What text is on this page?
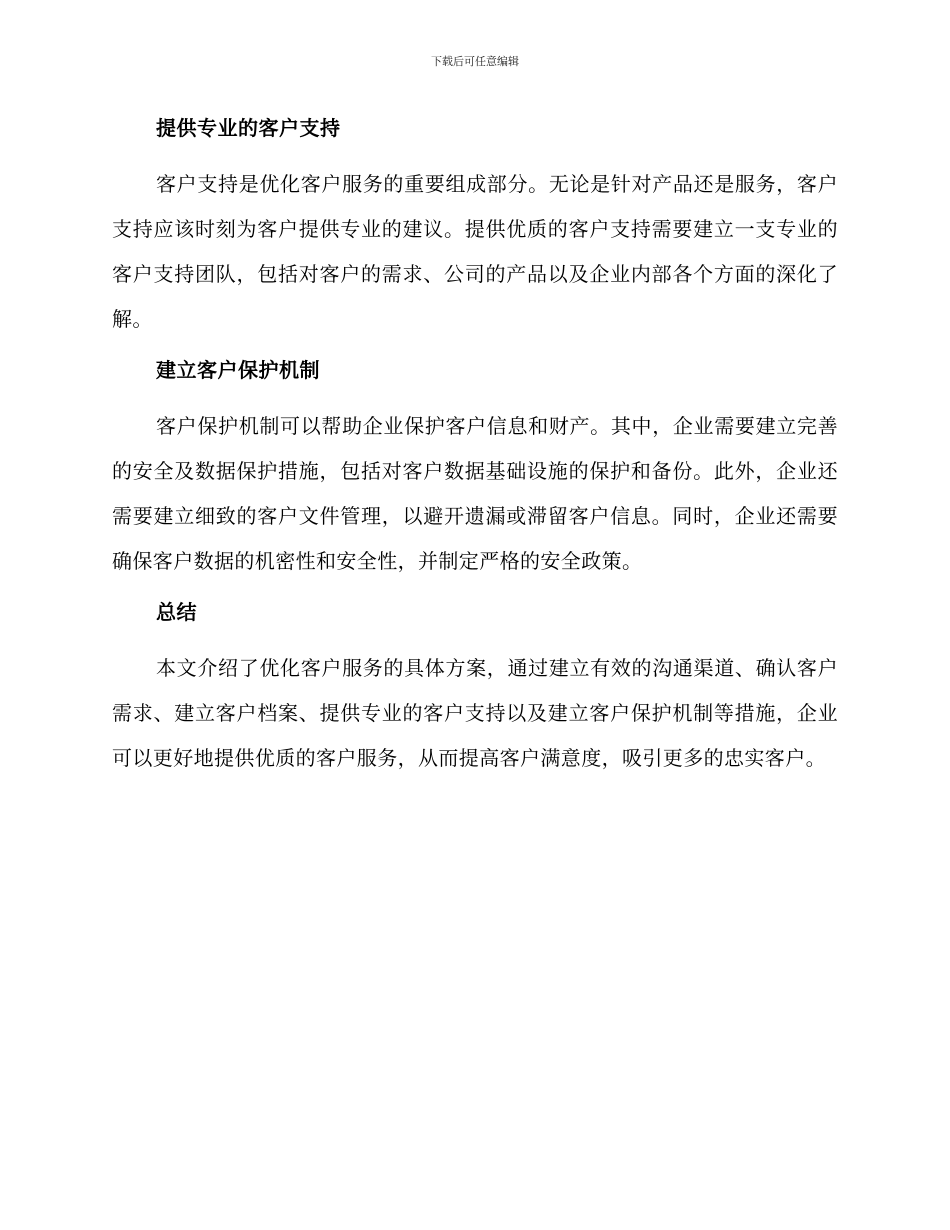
下载后可任意编辑
提供专业的客户支持

客户支持是优化客户服务的重要组成部分。无论是针对产品还是服务，客户支持应该时刻为客户提供专业的建议。提供优质的客户支持需要建立一支专业的客户支持团队，包括对客户的需求、公司的产品以及企业内部各个方面的深化了解。

建立客户保护机制

客户保护机制可以帮助企业保护客户信息和财产。其中，企业需要建立完善的安全及数据保护措施，包括对客户数据基础设施的保护和备份。此外，企业还需要建立细致的客户文件管理，以避开遗漏或滞留客户信息。同时，企业还需要确保客户数据的机密性和安全性，并制定严格的安全政策。

总结

本文介绍了优化客户服务的具体方案，通过建立有效的沟通渠道、确认客户需求、建立客户档案、提供专业的客户支持以及建立客户保护机制等措施，企业可以更好地提供优质的客户服务，从而提高客户满意度，吸引更多的忠实客户。
